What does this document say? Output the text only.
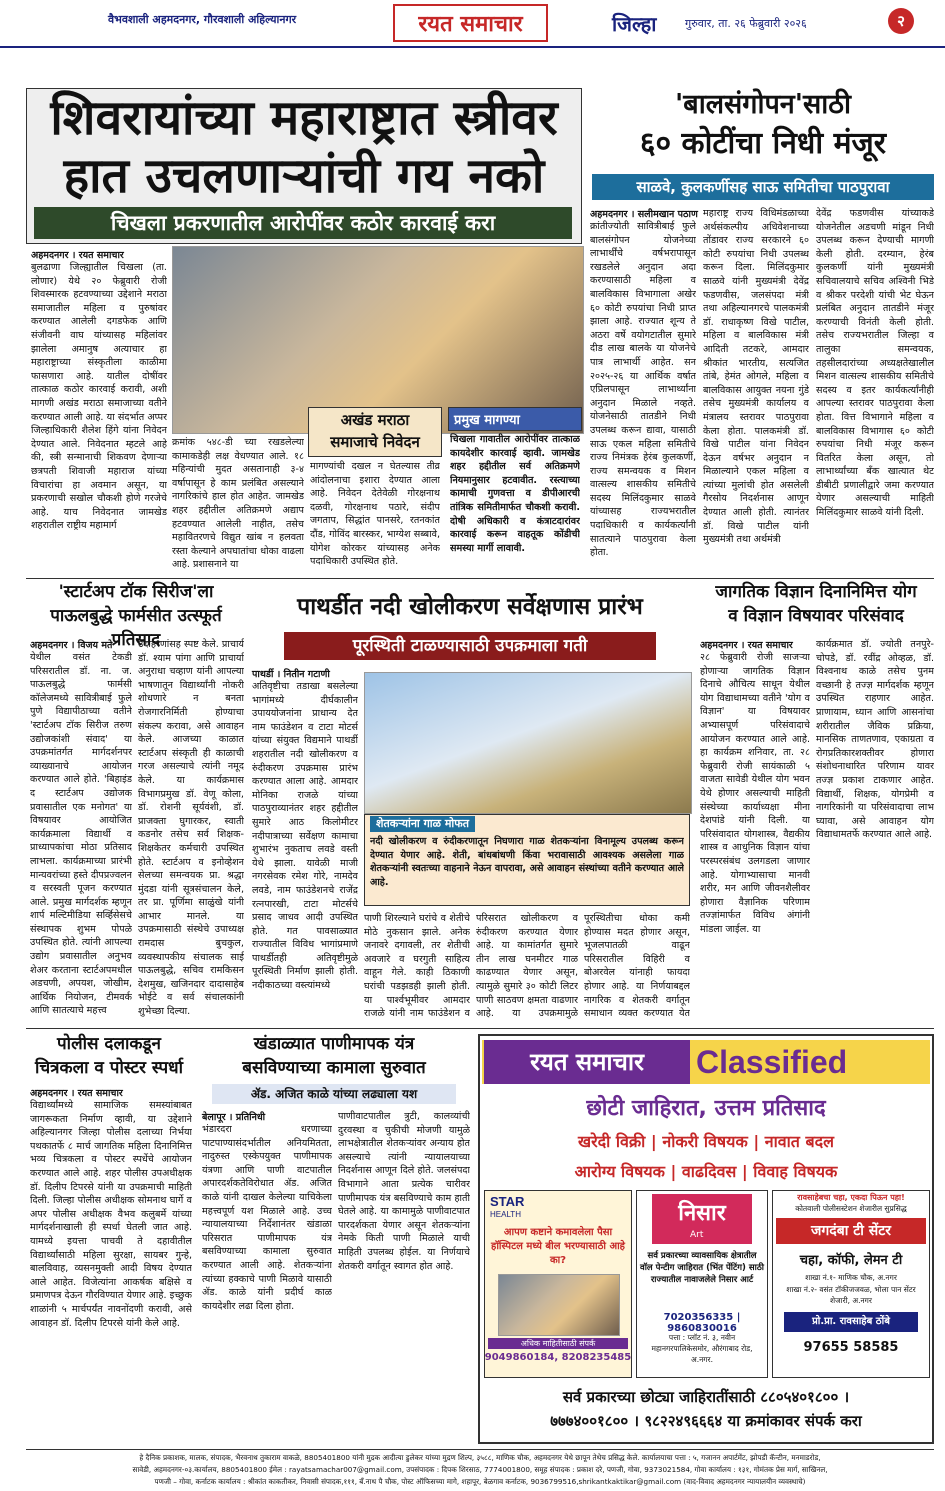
वैभवशाली अहमदनगर, गौरवशाली अहिल्यानगर	रयत समाचार	जिल्हा	गुरुवार, ता. २६ फेब्रुवारी २०२६	२
शिवरायांच्या महाराष्ट्रात स्त्रीवर
हात उचलणाऱ्यांची गय नको
चिखला प्रकरणातील आरोपींवर कठोर कारवाई करा
अहमदनगर । रयत समाचार
बुलढाणा जिल्ह्यातील चिखला (ता. लोणार) येथे २० फेब्रुवारी रोजी शिवस्मारक हटवण्याच्या उद्देशाने मराठा समाजातील महिला व पुरुषांवर करण्यात आलेली दगडफेक आणि संजीवनी वाघ यांच्यासह महिलांवर झालेला अमानुष अत्याचार हा महाराष्ट्राच्या संस्कृतीला काळीमा फासणारा आहे. यातील दोषींवर तात्काळ कठोर कारवाई करावी, अशी मागणी अखंड मराठा समाजाच्या वतीने करण्यात आली आहे. या संदर्भात अप्पर जिल्हाधिकारी शैलेश हिंगे यांना निवेदन देण्यात आले. निवेदनात म्हटले आहे की, स्त्री सन्मानाची शिकवण देणाऱ्या छत्रपती शिवाजी महाराज यांच्या विचारांचा हा अवमान असून, या प्रकरणाची सखोल चौकशी होणे गरजेचे आहे. याच निवेदनात जामखेड शहरातील राष्ट्रीय महामार्ग
क्रमांक ५४८-डी च्या रखडलेल्या कामाकडेही लक्ष वेधण्यात आले. १८ महिन्यांची मुदत असतानाही ३-४ वर्षापासून हे काम प्रलंबित असल्याने नागरिकांचे हाल होत आहेत. जामखेड शहर हद्दीतील अतिक्रमणे अद्याप हटवण्यात आलेली नाहीत, तसेच महावितरणचे विद्युत खांब न हलवता रस्ता केल्याने अपघातांचा धोका वाढला आहे. प्रशासनाने या
अखंड मराठा
समाजाचे निवेदन
मागण्यांची दखल न घेतल्यास तीव्र आंदोलनाचा इशारा देण्यात आला आहे. निवेदन देतेवेळी गोरक्षनाथ दळवी, गोरक्षनाथ पठारे, संदीप जगताप, सिद्धांत पानसरे, रतनकांत दौंड, गोविंद बारस्कर, भाग्येश सब्बावे, योगेश कोरकर यांच्यासह अनेक पदाधिकारी उपस्थित होते.
प्रमुख मागण्या
चिखला गावातील आरोपींवर तात्काळ कायदेशीर कारवाई व्हावी. जामखेड शहर हद्दीतील सर्व अतिक्रमणे नियमानुसार हटवावीत. रस्त्याच्या कामाची गुणवत्ता व डीपीआरची तांत्रिक समितीमार्फत चौकशी करावी. दोषी अधिकारी व कंत्राटदारांवर कारवाई करून वाहतूक कोंडीची समस्या मार्गी लावावी.
'बालसंगोपन'साठी
६० कोटींचा निधी मंजूर
साळवे, कुलकर्णीसह साऊ समितीचा पाठपुरावा
अहमदनगर । सलीमखान पठाण
क्रांतीज्योती सावित्रीबाई फुले बालसंगोपन योजनेच्या लाभार्थींचे वर्षभरापासून रखडलेले अनुदान अदा करण्यासाठी महिला व बालविकास विभागाला अखेर ६० कोटी रुपयांचा निधी प्राप्त झाला आहे. राज्यात शून्य ते अठरा वर्षे वयोगटातील सुमारे दीड लाख बालके या योजनेचे पात्र लाभार्थी आहेत. सन २०२५-२६ या आर्थिक वर्षात एप्रिलपासून लाभार्थ्यांना अनुदान मिळाले नव्हते. योजनेसाठी तातडीने निधी उपलब्ध करून द्यावा, यासाठी साऊ एकल महिला समितीचे राज्य निमंत्रक हेरंब कुलकर्णी, राज्य समन्वयक व मिशन वात्सल्य शासकीय समितीचे सदस्य मिलिंदकुमार साळवे यांच्यासह राज्यभरातील पदाधिकारी व कार्यकर्त्यांनी सातत्याने पाठपुरावा केला होता.
महाराष्ट्र राज्य विधिमंडळाच्या अर्थसंकल्पीय अधिवेशनाच्या तोंडावर राज्य सरकारने ६० कोटी रुपयांचा निधी उपलब्ध करून दिला. मिलिंदकुमार साळवे यांनी मुख्यमंत्री देवेंद्र फडणवीस, जलसंपदा मंत्री तथा अहिल्यानगरचे पालकमंत्री डॉ. राधाकृष्ण विखे पाटील, महिला व बालविकास मंत्री आदिती तटकरे, आमदार श्रीकांत भारतीय, सत्यजित तांबे, हेमंत ओगले, महिला व बालविकास आयुक्त नयना गुंडे तसेच मुख्यमंत्री कार्यालय व मंत्रालय स्तरावर पाठपुरावा केला होता. पालकमंत्री डॉ. विखे पाटील यांना निवेदन देऊन वर्षभर अनुदान न मिळाल्याने एकल महिला व त्यांच्या मुलांची होत असलेली गैरसोय निदर्शनास आणून देण्यात आली होती. त्यानंतर डॉ. विखे पाटील यांनी मुख्यमंत्री तथा अर्थमंत्री
देवेंद्र फडणवीस यांच्याकडे योजनेतील अडचणी मांडून निधी उपलब्ध करून देण्याची मागणी केली होती. दरम्यान, हेरंब कुलकर्णी यांनी मुख्यमंत्री सचिवालयाचे सचिव अश्विनी भिडे व श्रीकर परदेशी यांची भेट घेऊन प्रलंबित अनुदान तातडीने मंजूर करण्याची विनंती केली होती. तसेच राज्यभरातील जिल्हा व तालुका समन्वयक, तहसीलदारांच्या अध्यक्षतेखालील मिशन वात्सल्य शासकीय समितीचे सदस्य व इतर कार्यकर्त्यांनीही आपल्या स्तरावर पाठपुरावा केला होता. वित्त विभागाने महिला व बालविकास विभागास ६० कोटी रुपयांचा निधी मंजूर करून वितरित केला असून, तो लाभार्थ्यांच्या बँक खात्यात थेट डीबीटी प्रणालीद्वारे जमा करण्यात येणार असल्याची माहिती मिलिंदकुमार साळवे यांनी दिली.
'स्टार्टअप टॉक सिरीज'ला
पाऊलबुद्धे फार्मसीत उत्स्फूर्त प्रतिसाद
अहमदनगर । विजय मते
येथील वसंत टेकडी परिसरातील डॉ. ना. ज. पाऊलबुद्धे फार्मसी कॉलेजमध्ये सावित्रीबाई फुले पुणे विद्यापीठाच्या वतीने 'स्टार्टअप टॉक सिरीज तरुण उद्योजकांशी संवाद' या उपक्रमांतर्गत मार्गदर्शनपर व्याख्यानाचे आयोजन करण्यात आले होते. 'बिहाइंड द स्टार्टअप उद्योजक प्रवासातील एक मनोगत' या विषयावर आयोजित कार्यक्रमाला विद्यार्थी व प्राध्यापकांचा मोठा प्रतिसाद लाभला. कार्यक्रमाच्या प्रारंभी मान्यवरांच्या हस्ते दीपप्रज्वलन व सरस्वती पूजन करण्यात आले. प्रमुख मार्गदर्शक म्हणून शार्प मल्टिमीडिया सर्व्हिसेसचे संस्थापक शुभम पोपळे उपस्थित होते. त्यांनी आपल्या उद्योग प्रवासातील अनुभव शेअर करताना स्टार्टअपमधील अडचणी, अपयश, जोखीम, आर्थिक नियोजन, टीमवर्क आणि सातत्याचे महत्त्व
उदाहरणांसह स्पष्ट केले. प्राचार्य डॉ. श्याम पांगा आणि प्राचार्या अनुराधा चव्हाण यांनी आपल्या भाषणातून विद्यार्थ्यांनी नोकरी शोधणारे न बनता रोजगारनिर्मिती होण्याचा संकल्प करावा, असे आवाहन केले. आजच्या काळात स्टार्टअप संस्कृती ही काळाची गरज असल्याचे त्यांनी नमूद केले. या कार्यक्रमास विभागप्रमुख डॉ. वेणू कोला, डॉ. रोशनी सूर्यवंशी, डॉ. प्राजक्ता घुगारकर, स्वाती कडनोर तसेच सर्व शिक्षक-शिक्षकेतर कर्मचारी उपस्थित होते. स्टार्टअप व इनोव्हेशन सेलच्या समन्वयक प्रा. श्रद्धा मुंदडा यांनी सूत्रसंचालन केले, तर प्रा. पूर्णिमा साळुंखे यांनी आभार मानले. या उपक्रमासाठी संस्थेचे उपाध्यक्ष रामदास बुचकुल, व्यवस्थापकीय संचालक साई पाऊलबुद्धे, सचिव रामकिसन देशमुख, खजिनदार दादासाहेब भोईटे व सर्व संचालकांनी शुभेच्छा दिल्या.
पाथर्डीत नदी खोलीकरण सर्वेक्षणास प्रारंभ
पूरस्थिती टाळण्यासाठी उपक्रमाला गती
पाथर्डी । नितीन गटाणी
अतिवृष्टीचा तडाखा बसलेल्या भागांमध्ये दीर्घकालीन उपाययोजनांना प्राधान्य देत नाम फाउंडेशन व टाटा मोटर्स यांच्या संयुक्त विद्यमाने पाथर्डी शहरातील नदी खोलीकरण व रुंदीकरण उपक्रमास प्रारंभ करण्यात आला आहे. आमदार मोनिका राजळे यांच्या पाठपुराव्यानंतर शहर हद्दीतील सुमारे आठ किलोमीटर नदीपात्राच्या सर्वेक्षण कामाचा शुभारंभ नुकताच लवडे वस्ती येथे झाला. यावेळी माजी नगरसेवक रमेश गोरे, नामदेव लवडे, नाम फाउंडेशनचे राजेंद्र रत्नपारखी, टाटा मोटर्सचे प्रसाद जाधव आदी उपस्थित होते. गत पावसाळ्यात राज्यातील विविध भागांप्रमाणे पाथर्डीतही अतिवृष्टीमुळे पूरस्थिती निर्माण झाली होती. नदीकाठच्या वस्त्यांमध्ये
शेतकऱ्यांना गाळ मोफत
नदी खोलीकरण व रुंदीकरणातून निघणारा गाळ शेतकऱ्यांना विनामूल्य उपलब्ध करून देण्यात येणार आहे. शेती, बांधबांधणी किंवा भरावासाठी आवश्यक असलेला गाळ शेतकऱ्यांनी स्वतःच्या वाहनाने नेऊन वापरावा, असे आवाहन संस्थांच्या वतीने करण्यात आले आहे.
पाणी शिरल्याने घरांचे व शेतीचे मोठे नुकसान झाले. अनेक जनावरे दगावली, तर शेतीची अवजारे व घरगुती साहित्य वाहून गेले. काही ठिकाणी घरांची पडझडही झाली होती. या पार्श्वभूमीवर आमदार राजळे यांनी नाम फाउंडेशन व
परिसरात खोलीकरण व रुंदीकरण करण्यात येणार आहे. या कामांतर्गत सुमारे तीन लाख घनमीटर गाळ काढण्यात येणार असून, त्यामुळे सुमारे ३० कोटी लिटर पाणी साठवण क्षमता वाढणार आहे. या उपक्रमामुळे
पूरस्थितीचा धोका कमी होण्यास मदत होणार असून, भूजलपातळी वाढून परिसरातील विहिरी व बोअरवेल यांनाही फायदा होणार आहे. या निर्णयाबद्दल नागरिक व शेतकरी वर्गातून समाधान व्यक्त करण्यात येत
जागतिक विज्ञान दिनानिमित्त योग
व विज्ञान विषयावर परिसंवाद
अहमदनगर । रयत समाचार
२८ फेब्रुवारी रोजी साजऱ्या होणाऱ्या जागतिक विज्ञान दिनाचे औचित्य साधून येथील योग विद्याधामच्या वतीने 'योग व विज्ञान' या विषयावर अभ्यासपूर्ण परिसंवादाचे आयोजन करण्यात आले आहे. हा कार्यक्रम शनिवार, ता. २८ फेब्रुवारी रोजी सायंकाळी ५ वाजता सावेडी येथील योग भवन येथे होणार असल्याची माहिती संस्थेच्या कार्याध्यक्षा मीना देशपांडे यांनी दिली. या परिसंवादात योगशास्त्र, वैद्यकीय शास्त्र व आधुनिक विज्ञान यांचा परस्परसंबंध उलगडला जाणार आहे. योगाभ्यासाचा मानवी शरीर, मन आणि जीवनशैलीवर होणारा वैज्ञानिक परिणाम तज्ज्ञांमार्फत विविध अंगांनी मांडला जाईल. या
कार्यक्रमात डॉ. ज्योती तनपुरे-चोपडे, डॉ. रवींद्र ओव्हळ, डॉ. विश्वनाथ काळे तसेच पुनम वच्छानी हे तज्ज्ञ मार्गदर्शक म्हणून उपस्थित राहणार आहेत. प्राणायाम, ध्यान आणि आसनांचा शरीरातील जैविक प्रक्रिया, मानसिक ताणतणाव, एकाग्रता व रोगप्रतिकारशक्तीवर होणारा संशोधनाधारित परिणाम यावर तज्ज्ञ प्रकाश टाकणार आहेत. विद्यार्थी, शिक्षक, योगप्रेमी व नागरिकांनी या परिसंवादाचा लाभ घ्यावा, असे आवाहन योग विद्याधामतर्फे करण्यात आले आहे.
पोलीस दलाकडून
चित्रकला व पोस्टर स्पर्धा
अहमदनगर । रयत समाचार
विद्यार्थ्यांमध्ये सामाजिक समस्यांबाबत जागरूकता निर्माण व्हावी, या उद्देशाने अहिल्यानगर जिल्हा पोलीस दलाच्या निर्भया पथकातर्फे ८ मार्च जागतिक महिला दिनानिमित्त भव्य चित्रकला व पोस्टर स्पर्धेचे आयोजन करण्यात आले आहे. शहर पोलीस उपअधीक्षक डॉ. दिलीप टिपरसे यांनी या उपक्रमाची माहिती दिली. जिल्हा पोलीस अधीक्षक सोमनाथ घार्गे व अपर पोलीस अधीक्षक वैभव कलुबर्मे यांच्या मार्गदर्शनाखाली ही स्पर्धा घेतली जात आहे. यामध्ये इयत्ता पाचवी ते दहावीतील विद्यार्थ्यांसाठी महिला सुरक्षा, सायबर गुन्हे, बालविवाह, व्यसनमुक्ती आदी विषय देण्यात आले आहेत. विजेत्यांना आकर्षक बक्षिसे व प्रमाणपत्र देऊन गौरविण्यात येणार आहे. इच्छुक शाळांनी ५ मार्चपर्यंत नावनोंदणी करावी, असे आवाहन डॉ. दिलीप टिपरसे यांनी केले आहे.
खंडाळ्यात पाणीमापक यंत्र
बसविण्याच्या कामाला सुरुवात
ॲड. अजित काळे यांच्या लढ्याला यश
बेलापूर । प्रतिनिधी
भंडारदरा धरणाच्या पाटपाण्यासंदर्भातील अनियमितता, नादुरुस्त एस्केपयुक्त पाणीमापक यंत्रणा आणि पाणी वाटपातील अपारदर्शकतेविरोधात ॲड. अजित काळे यांनी दाखल केलेल्या याचिकेला महत्त्वपूर्ण यश मिळाले आहे. उच्च न्यायालयाच्या निर्देशानंतर खंडाळा परिसरात पाणीमापक यंत्र बसविण्याच्या कामाला सुरुवात करण्यात आली आहे. शेतकऱ्यांना त्यांच्या हक्काचे पाणी मिळावे यासाठी ॲड. काळे यांनी प्रदीर्घ काळ कायदेशीर लढा दिला होता.
पाणीवाटपातील त्रुटी, कालव्यांची दुरवस्था व चुकीची मोजणी यामुळे लाभक्षेत्रातील शेतकऱ्यांवर अन्याय होत असल्याचे त्यांनी न्यायालयाच्या निदर्शनास आणून दिले होते. जलसंपदा विभागाने आता प्रत्येक चारीवर पाणीमापक यंत्र बसविण्याचे काम हाती घेतले आहे. या कामामुळे पाणीवाटपात पारदर्शकता येणार असून शेतकऱ्यांना नेमके किती पाणी मिळाले याची माहिती उपलब्ध होईल. या निर्णयाचे शेतकरी वर्गातून स्वागत होत आहे.
रयत समाचार	Classified
छोटी जाहिरात, उत्तम प्रतिसाद
खरेदी विक्री | नोकरी विषयक | नावात बदल
आरोग्य विषयक | वाढदिवस | विवाह विषयक
STAR
HEALTH
आपण कष्टाने कमावलेला पैसा हॉस्पिटल मध्ये बील भरण्यासाठी आहे का?
अधिक माहितीसाठी संपर्क
9049860184, 8208235485
निसार
Art
सर्व प्रकारच्या व्यावसायिक क्षेत्रातील वॉल पेन्टीग जाहिरात (भिंत पेंटिंग) साठी राज्यातील नावाजलेले निसार आर्ट
7020356335 | 9860830016
पत्ता : प्लॉट नं. ३, नवीन महानगरपालिकेसमोर, औरंगाबाद रोड, अ.नगर.
रावसाहेबचा चहा, एकदा पिऊन पहा!
कोतवाली पोलीसस्टेशन शेजारील सुप्रसिद्ध
जगदंबा टी सेंटर
चहा, कॉफी, लेमन टी
शाखा नं.१- माणिक चौक, अ.नगर
शाखा नं.२- वसंत टॉकीजजवळ, भोला पान सेंटर शेजारी, अ.नगर
प्रो.प्रा. रावसाहेब ठोंबे
97655 58585
सर्व प्रकारच्या छोट्या जाहिरातींसाठी ८८०५४०१८०० ।
७७७४००१८०० । ९८२२४९६६६४ या क्रमांकावर संपर्क करा
हे दैनिक प्रकाशक, मालक, संपादक, भैरवनाथ तुकाराम वाकळे, 8805401800 यांनी मुद्रक आदीत्या डुलेकर यांच्या मुद्रण शिल्प, ३५८८, माणिक चौक, अहमदनगर येथे छापून तेथेच प्रसिद्ध केले. कार्यालयाचा पत्ता : ५, गजानन अपार्टमेंट, झोपडी कॅन्टीन, मनमाडरोड,
सावेडी, अहमदनगर-०३.कार्यालय, 8805401800 ईमेल : rayatsamachar007@gmail.com, उपसंपादक : दिपक शिरसाठ, 7774001800, समूह संपादक : प्रकाश दरे, पणजी, गोवा, 9373021584, गोवा कार्यालय : १३१, गोमंतक प्रेस मार्ग, साखिनल,
पणजी – गोवा, कर्नाटक कार्यालय : श्रीकांत काकतीकर, निवासी संपादक,१११, बँ.नाथ पै चौक, पोस्ट ऑफिसच्या मागे, शहापूर, बेळगाव कर्नाटक, 9036799516,shrikantkaktikar@gmail.com (वाद-विवाद अहमदनगर न्यायालयीन व्यवस्थाचे)
